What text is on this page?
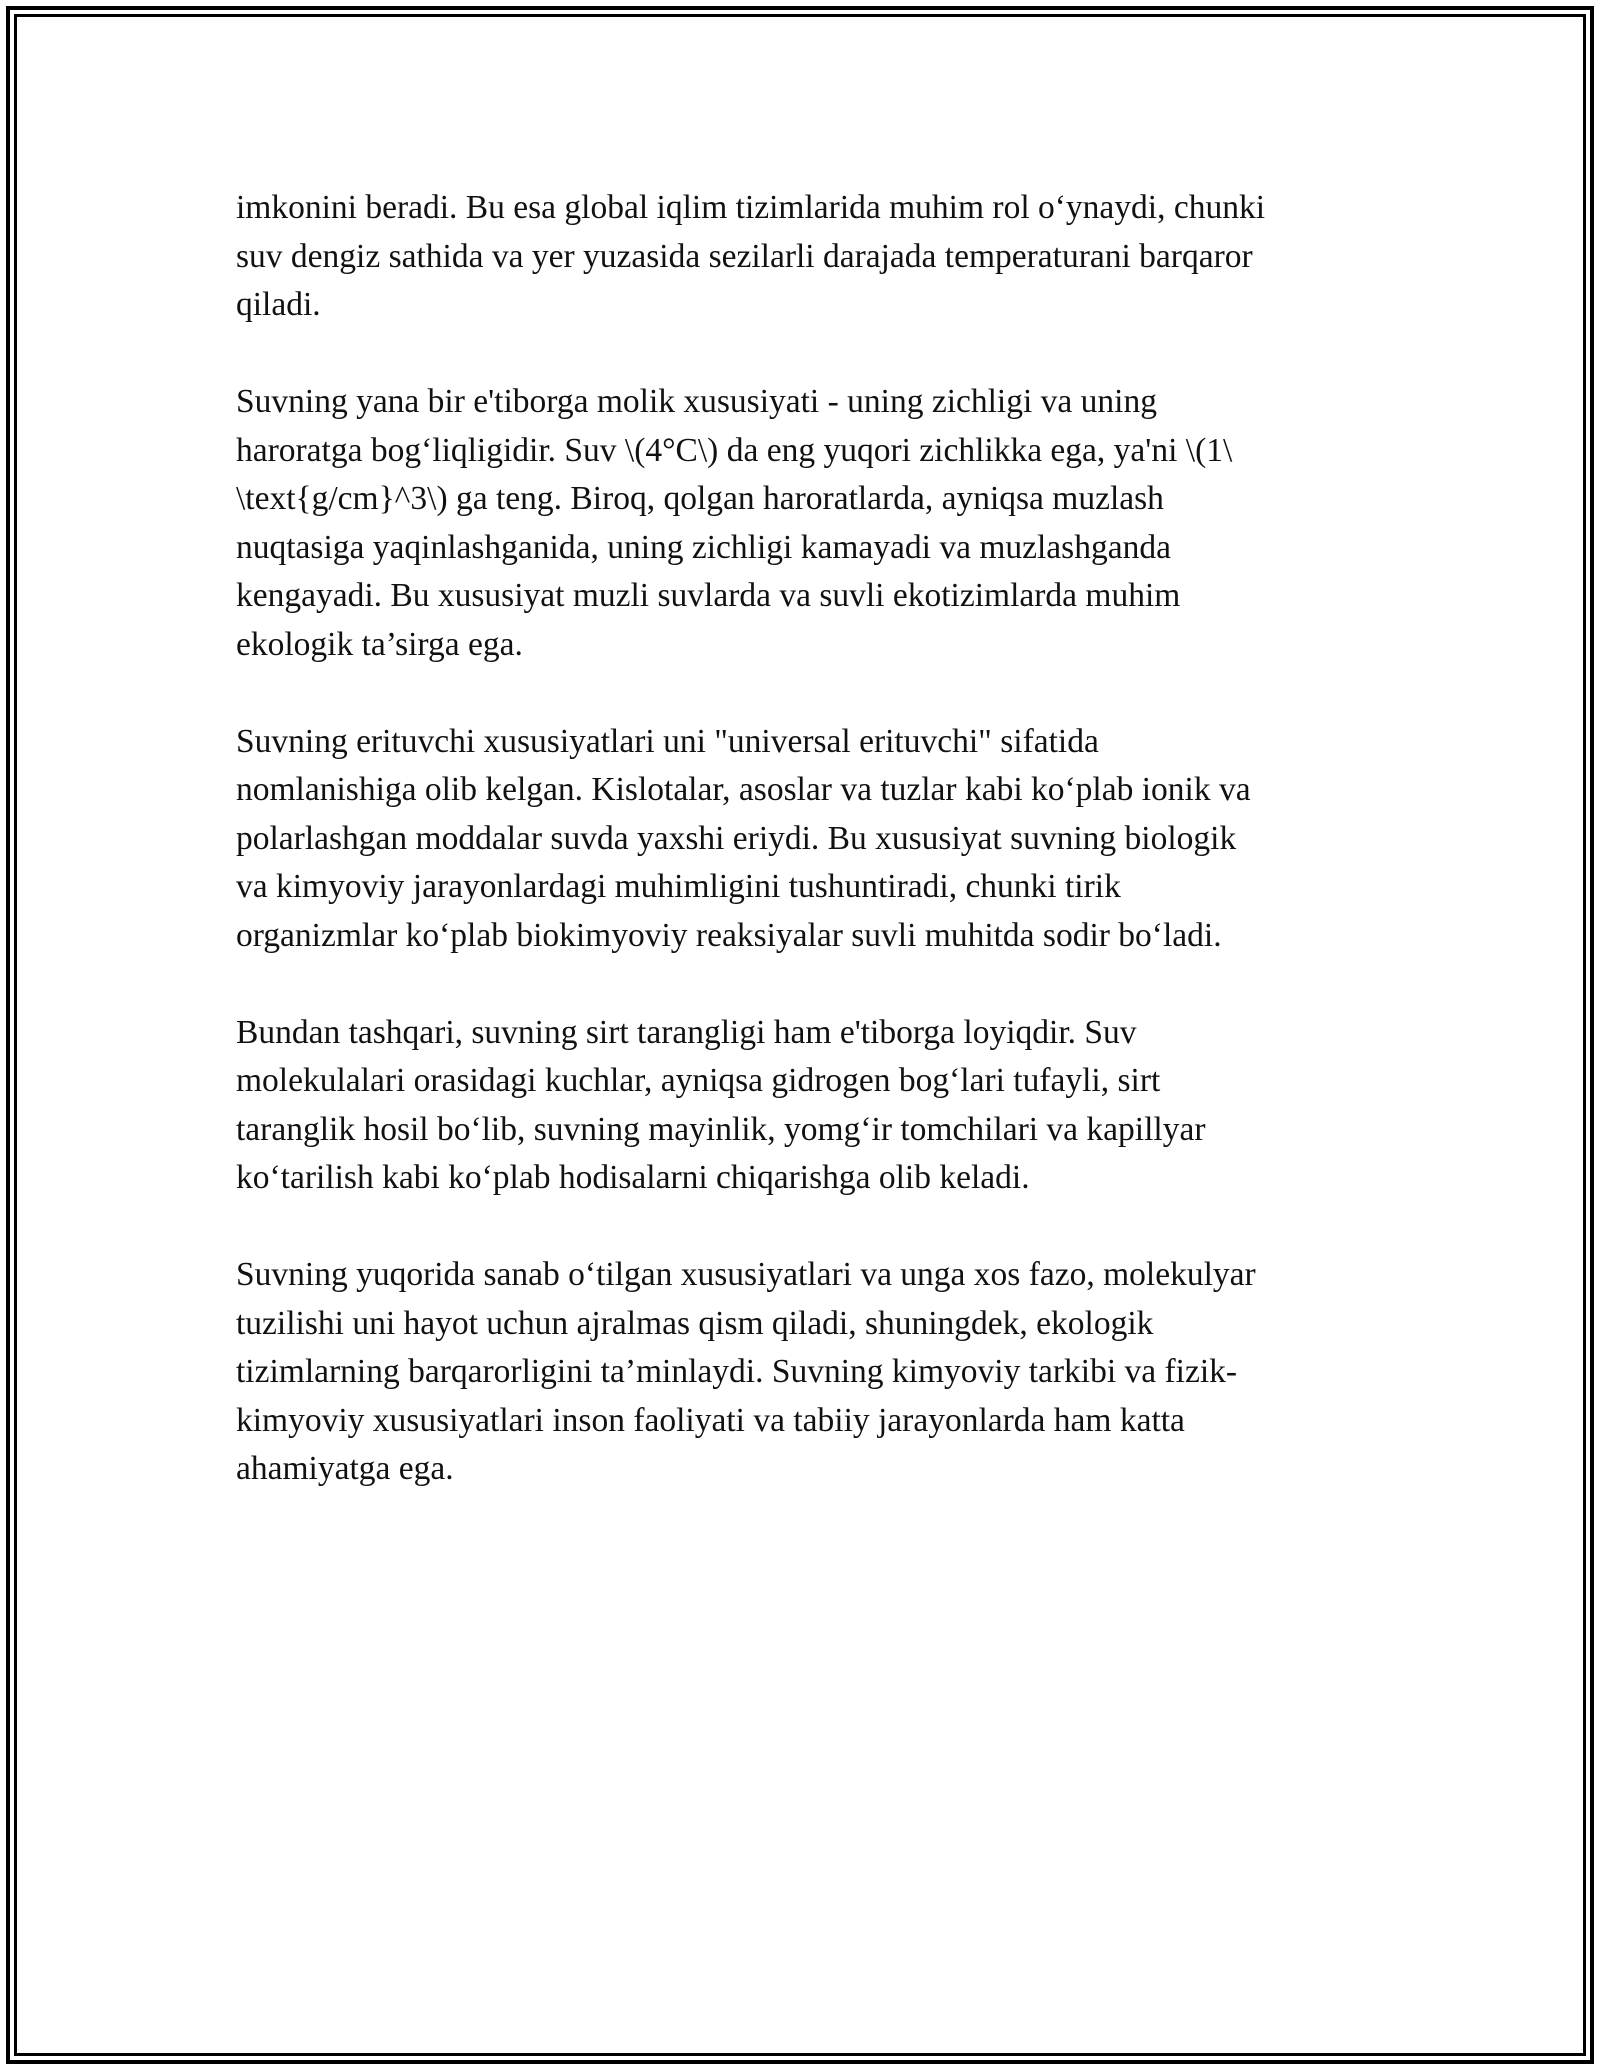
imkonini beradi. Bu esa global iqlim tizimlarida muhim rol o‘ynaydi, chunki
suv dengiz sathida va yer yuzasida sezilarli darajada temperaturani barqaror
qiladi.

Suvning yana bir e'tiborga molik xususiyati - uning zichligi va uning
haroratga bog‘liqligidir. Suv \(4°C\) da eng yuqori zichlikka ega, ya'ni \(1\
\text{g/cm}^3\) ga teng. Biroq, qolgan haroratlarda, ayniqsa muzlash
nuqtasiga yaqinlashganida, uning zichligi kamayadi va muzlashganda
kengayadi. Bu xususiyat muzli suvlarda va suvli ekotizimlarda muhim
ekologik ta’sirga ega.

Suvning erituvchi xususiyatlari uni "universal erituvchi" sifatida
nomlanishiga olib kelgan. Kislotalar, asoslar va tuzlar kabi ko‘plab ionik va
polarlashgan moddalar suvda yaxshi eriydi. Bu xususiyat suvning biologik
va kimyoviy jarayonlardagi muhimligini tushuntiradi, chunki tirik
organizmlar ko‘plab biokimyoviy reaksiyalar suvli muhitda sodir bo‘ladi.

Bundan tashqari, suvning sirt tarangligi ham e'tiborga loyiqdir. Suv
molekulalari orasidagi kuchlar, ayniqsa gidrogen bog‘lari tufayli, sirt
taranglik hosil bo‘lib, suvning mayinlik, yomg‘ir tomchilari va kapillyar
ko‘tarilish kabi ko‘plab hodisalarni chiqarishga olib keladi.

Suvning yuqorida sanab o‘tilgan xususiyatlari va unga xos fazo, molekulyar
tuzilishi uni hayot uchun ajralmas qism qiladi, shuningdek, ekologik
tizimlarning barqarorligini ta’minlaydi. Suvning kimyoviy tarkibi va fizik-
kimyoviy xususiyatlari inson faoliyati va tabiiy jarayonlarda ham katta
ahamiyatga ega.
